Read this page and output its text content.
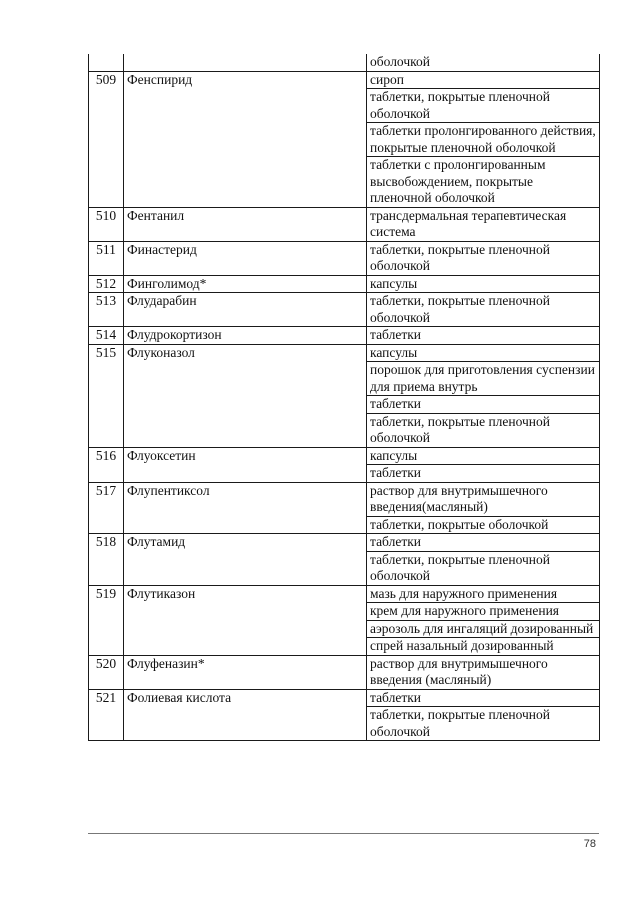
		оболочкой
509	Фенспирид	сироп
		таблетки, покрытые пленочной оболочкой
		таблетки пролонгированного действия, покрытые пленочной оболочкой
		таблетки с пролонгированным высвобождением, покрытые пленочной оболочкой
510	Фентанил	трансдермальная терапевтическая система
511	Финастерид	таблетки, покрытые пленочной оболочкой
512	Финголимод*	капсулы
513	Флударабин	таблетки, покрытые пленочной оболочкой
514	Флудрокортизон	таблетки
515	Флуконазол	капсулы
		порошок для приготовления суспензии для приема внутрь
		таблетки
		таблетки, покрытые пленочной оболочкой
516	Флуоксетин	капсулы
		таблетки
517	Флупентиксол	раствор для внутримышечного введения(масляный)
		таблетки, покрытые оболочкой
518	Флутамид	таблетки
		таблетки, покрытые пленочной оболочкой
519	Флутиказон	мазь для наружного применения
		крем для наружного применения
		аэрозоль для ингаляций дозированный
		спрей назальный дозированный
520	Флуфеназин*	раствор для внутримышечного введения (масляный)
521	Фолиевая кислота	таблетки
		таблетки, покрытые пленочной оболочкой
78
